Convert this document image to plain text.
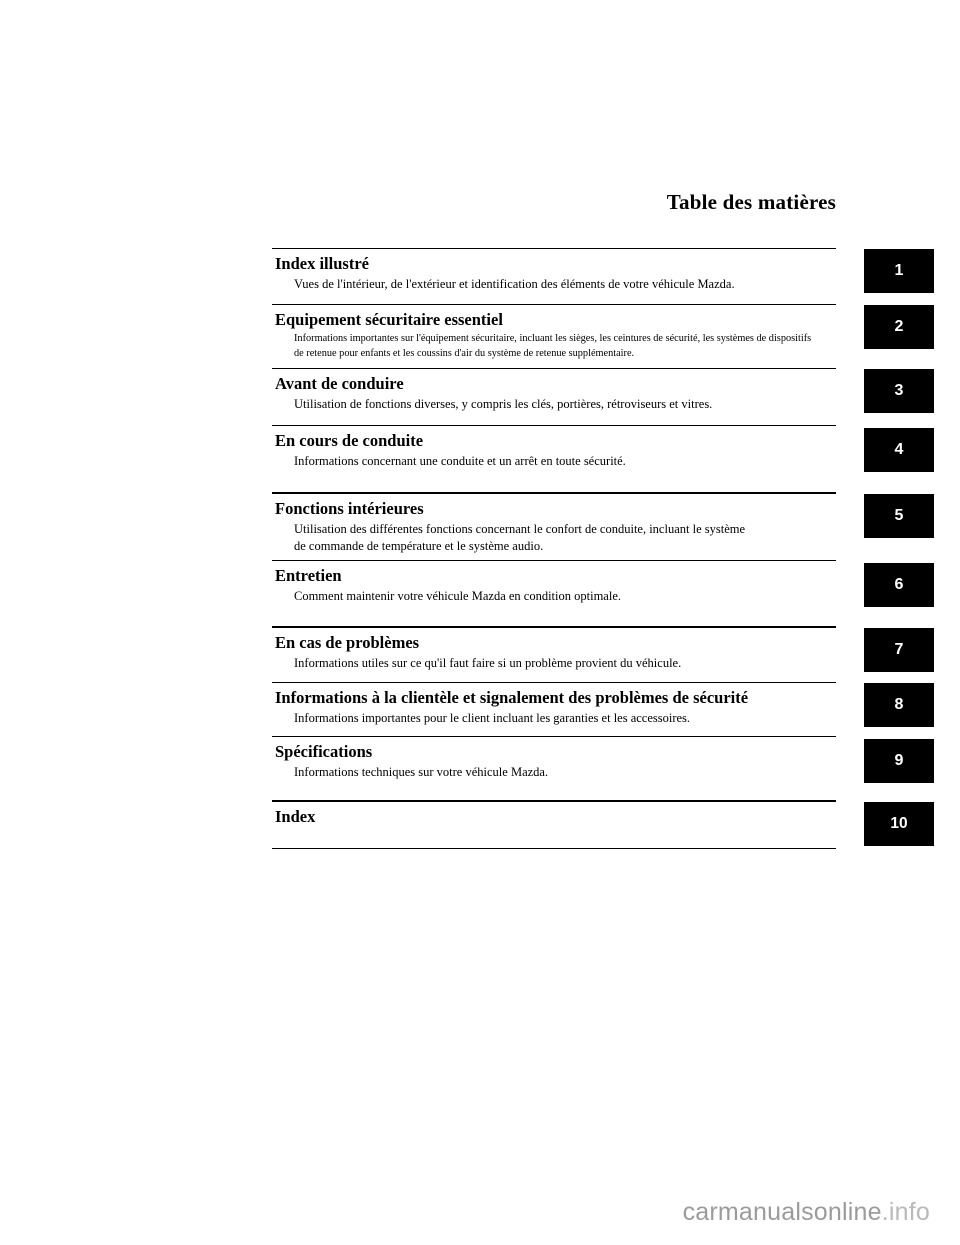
Table des matières
Index illustré
Vues de l'intérieur, de l'extérieur et identification des éléments de votre véhicule Mazda.
1
Equipement sécuritaire essentiel
Informations importantes sur l'équipement sécuritaire, incluant les sièges, les ceintures de sécurité, les systèmes de dispositifs de retenue pour enfants et les coussins d'air du système de retenue supplémentaire.
2
Avant de conduire
Utilisation de fonctions diverses, y compris les clés, portières, rétroviseurs et vitres.
3
En cours de conduite
Informations concernant une conduite et un arrêt en toute sécurité.
4
Fonctions intérieures
Utilisation des différentes fonctions concernant le confort de conduite, incluant le système de commande de température et le système audio.
5
Entretien
Comment maintenir votre véhicule Mazda en condition optimale.
6
En cas de problèmes
Informations utiles sur ce qu'il faut faire si un problème provient du véhicule.
7
Informations à la clientèle et signalement des problèmes de sécurité
Informations importantes pour le client incluant les garanties et les accessoires.
8
Spécifications
Informations techniques sur votre véhicule Mazda.
9
Index	10
carmanualsonline.info
